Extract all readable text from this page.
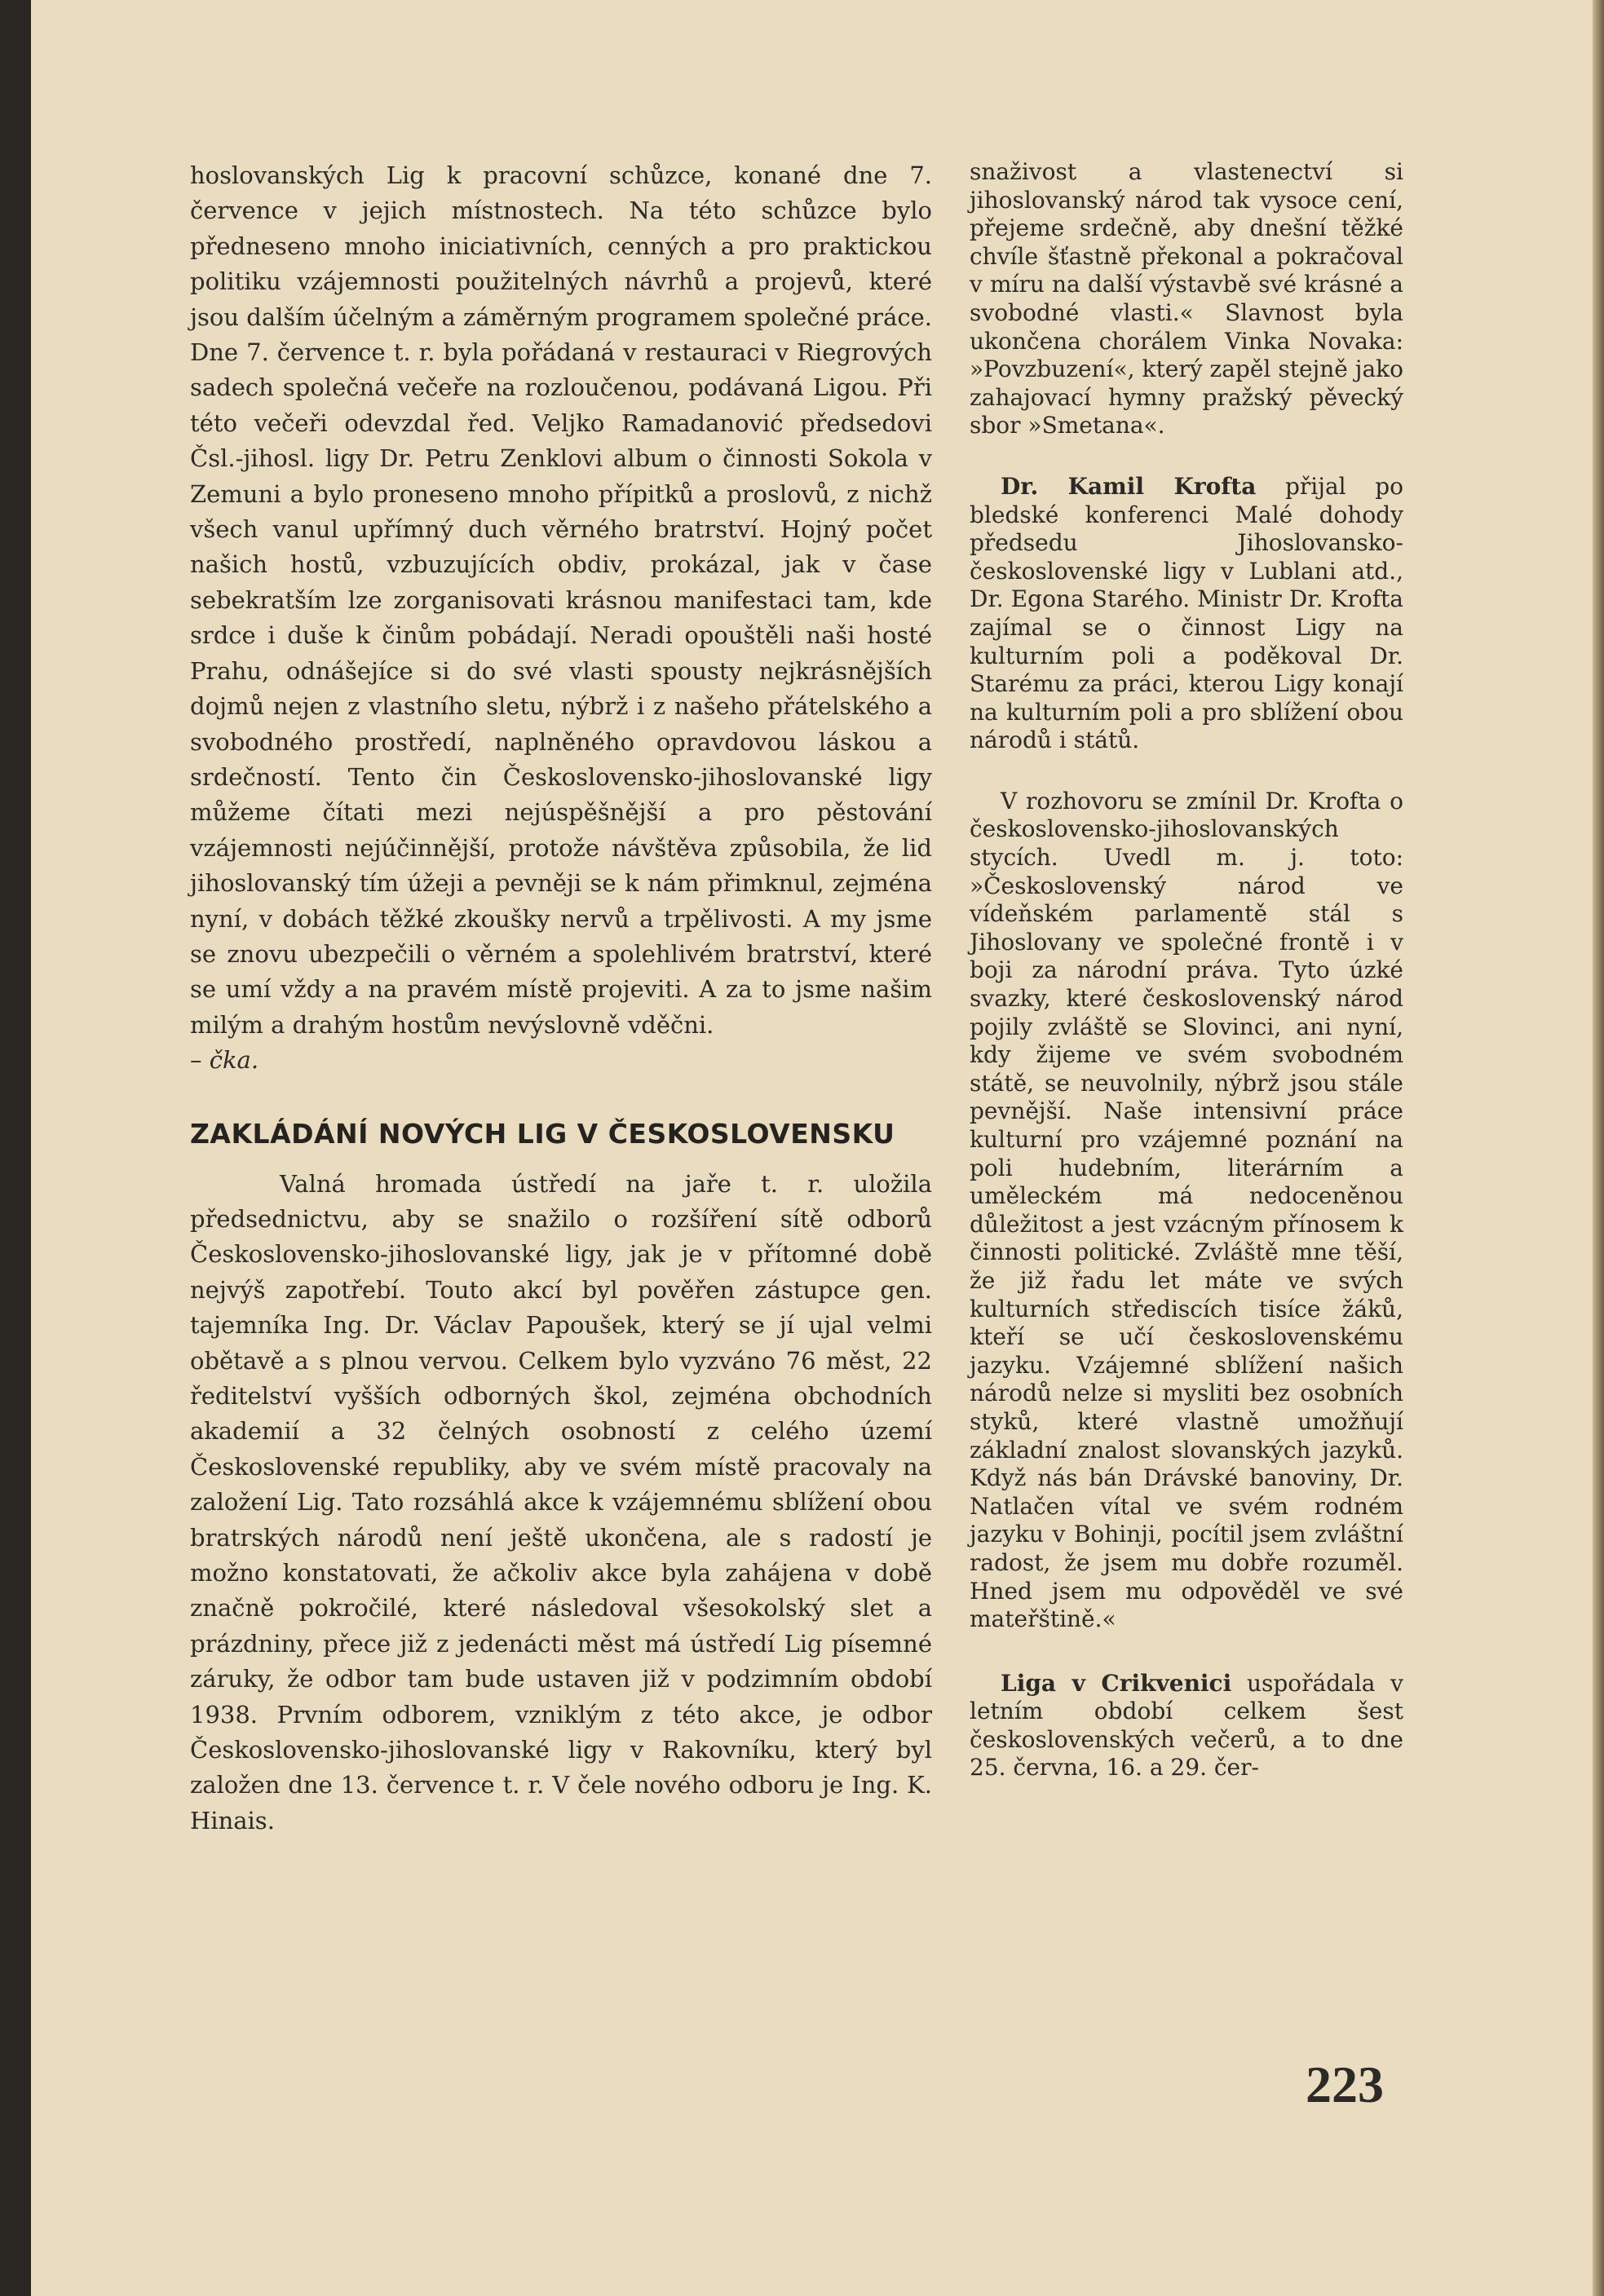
hoslovanských Lig k pracovní schůzce, konané dne 7. července v jejich místnostech. Na této schůzce bylo předneseno mnoho iniciativních, cenných a pro praktickou politiku vzájemnosti použitelných návrhů a projevů, které jsou dalším účelným a záměrným programem společné práce. Dne 7. července t. r. byla pořádaná v restauraci v Riegrových sadech společná večeře na rozloučenou, podávaná Ligou. Při této večeři odevzdal řed. Veljko Ramadanović předsedovi Čsl.-jihosl. ligy Dr. Petru Zenklovi album o činnosti Sokola v Zemuni a bylo proneseno mnoho přípitků a proslovů, z nichž všech vanul upřímný duch věrného bratrství. Hojný počet našich hostů, vzbuzujících obdiv, prokázal, jak v čase sebekratším lze zorganisovati krásnou manifestaci tam, kde srdce i duše k činům pobádají. Neradi opouštěli naši hosté Prahu, odnášejíce si do své vlasti spousty nejkrásnějších dojmů nejen z vlastního sletu, nýbrž i z našeho přátelského a svobodného prostředí, naplněného opravdovou láskou a srdečností. Tento čin Československo-jihoslovanské ligy můžeme čítati mezi nejúspěšnější a pro pěstování vzájemnosti nejúčinnější, protože návštěva způsobila, že lid jihoslovanský tím úžeji a pevněji se k nám přimknul, zejména nyní, v dobách těžké zkoušky nervů a trpělivosti. A my jsme se znovu ubezpečili o věrném a spolehlivém bratrství, které se umí vždy a na pravém místě projeviti. A za to jsme našim milým a drahým hostům nevýslovně vděčni.

– čka.

ZAKLÁDÁNÍ NOVÝCH LIG V ČESKOSLOVENSKU

Valná hromada ústředí na jaře t. r. uložila předsednictvu, aby se snažilo o rozšíření sítě odborů Československo-jihoslovanské ligy, jak je v přítomné době nejvýš zapotřebí. Touto akcí byl pověřen zástupce gen. tajemníka Ing. Dr. Václav Papoušek, který se jí ujal velmi obětavě a s plnou vervou. Celkem bylo vyzváno 76 měst, 22 ředitelství vyšších odborných škol, zejména obchodních akademií a 32 čelných osobností z celého území Československé republiky, aby ve svém místě pracovaly na založení Lig. Tato rozsáhlá akce k vzájemnému sblížení obou bratrských národů není ještě ukončena, ale s radostí je možno konstatovati, že ačkoliv akce byla zahájena v době značně pokročilé, které následoval všesokolský slet a prázdniny, přece již z jedenácti měst má ústředí Lig písemné záruky, že odbor tam bude ustaven již v podzimním období 1938. Prvním odborem, vzniklým z této akce, je odbor Československo-jihoslovanské ligy v Rakovníku, který byl založen dne 13. července t. r. V čele nového odboru je Ing. K. Hinais.

snaživost a vlastenectví si jihoslovanský národ tak vysoce cení, přejeme srdečně, aby dnešní těžké chvíle šťastně překonal a pokračoval v míru na další výstavbě své krásné a svobodné vlasti.« Slavnost byla ukončena chorálem Vinka Novaka: »Povzbuzení«, který zapěl stejně jako zahajovací hymny pražský pěvecký sbor »Smetana«.

Dr. Kamil Krofta přijal po bledské konferenci Malé dohody předsedu Jihoslovansko-československé ligy v Lublani atd., Dr. Egona Starého. Ministr Dr. Krofta zajímal se o činnost Ligy na kulturním poli a poděkoval Dr. Starému za práci, kterou Ligy konají na kulturním poli a pro sblížení obou národů i států.

V rozhovoru se zmínil Dr. Krofta o československo-jihoslovanských stycích. Uvedl m. j. toto: »Československý národ ve vídeňském parlamentě stál s Jihoslovany ve společné frontě i v boji za národní práva. Tyto úzké svazky, které československý národ pojily zvláště se Slovinci, ani nyní, kdy žijeme ve svém svobodném státě, se neuvolnily, nýbrž jsou stále pevnější. Naše intensivní práce kulturní pro vzájemné poznání na poli hudebním, literárním a uměleckém má nedoceněnou důležitost a jest vzácným přínosem k činnosti politické. Zvláště mne těší, že již řadu let máte ve svých kulturních střediscích tisíce žáků, kteří se učí československému jazyku. Vzájemné sblížení našich národů nelze si mysliti bez osobních styků, které vlastně umožňují základní znalost slovanských jazyků. Když nás bán Drávské banoviny, Dr. Natlačen vítal ve svém rodném jazyku v Bohinji, pocítil jsem zvláštní radost, že jsem mu dobře rozuměl. Hned jsem mu odpověděl ve své mateřštině.«

Liga v Crikvenici uspořádala v letním období celkem šest československých večerů, a to dne 25. června, 16. a 29. čer-

223
